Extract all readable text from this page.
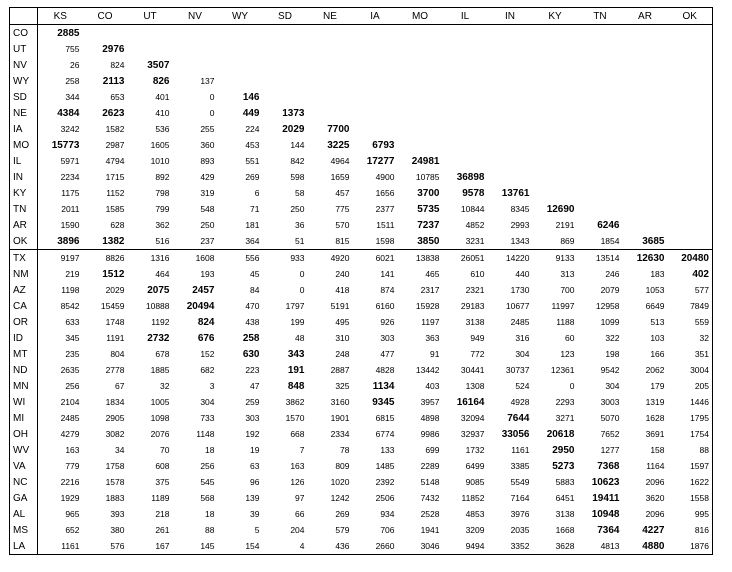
	KS	CO	UT	NV	WY	SD	NE	IA	MO	IL	IN	KY	TN	AR	OK
CO	2885														
UT	755	2976													
NV	26	824	3507												
WY	258	2113	826	137											
SD	344	653	401	0	146										
NE	4384	2623	410	0	449	1373									
IA	3242	1582	536	255	224	2029	7700								
MO	15773	2987	1605	360	453	144	3225	6793							
IL	5971	4794	1010	893	551	842	4964	17277	24981						
IN	2234	1715	892	429	269	598	1659	4900	10785	36898					
KY	1175	1152	798	319	6	58	457	1656	3700	9578	13761				
TN	2011	1585	799	548	71	250	775	2377	5735	10844	8345	12690			
AR	1590	628	362	250	181	36	570	1511	7237	4852	2993	2191	6246		
OK	3896	1382	516	237	364	51	815	1598	3850	3231	1343	869	1854	3685	
TX	9197	8826	1316	1608	556	933	4920	6021	13838	26051	14220	9133	13514	12630	20480
NM	219	1512	464	193	45	0	240	141	465	610	440	313	246	183	402
AZ	1198	2029	2075	2457	84	0	418	874	2317	2321	1730	700	2079	1053	577
CA	8542	15459	10888	20494	470	1797	5191	6160	15928	29183	10677	11997	12958	6649	7849
OR	633	1748	1192	824	438	199	495	926	1197	3138	2485	1188	1099	513	559
ID	345	1191	2732	676	258	48	310	303	363	949	316	60	322	103	32
MT	235	804	678	152	630	343	248	477	91	772	304	123	198	166	351
ND	2635	2778	1885	682	223	191	2887	4828	13442	30441	30737	12361	9542	2062	3004
MN	256	67	32	3	47	848	325	1134	403	1308	524	0	304	179	205
WI	2104	1834	1005	304	259	3862	3160	9345	3957	16164	4928	2293	3003	1319	1446
MI	2485	2905	1098	733	303	1570	1901	6815	4898	32094	7644	3271	5070	1628	1795
OH	4279	3082	2076	1148	192	668	2334	6774	9986	32937	33056	20618	7652	3691	1754
WV	163	34	70	18	19	7	78	133	699	1732	1161	2950	1277	158	88
VA	779	1758	608	256	63	163	809	1485	2289	6499	3385	5273	7368	1164	1597
NC	2216	1578	375	545	96	126	1020	2392	5148	9085	5549	5883	10623	2096	1622
GA	1929	1883	1189	568	139	97	1242	2506	7432	11852	7164	6451	19411	3620	1558
AL	965	393	218	18	39	66	269	934	2528	4853	3976	3138	10948	2096	995
MS	652	380	261	88	5	204	579	706	1941	3209	2035	1668	7364	4227	816
LA	1161	576	167	145	154	4	436	2660	3046	9494	3352	3628	4813	4880	1876
